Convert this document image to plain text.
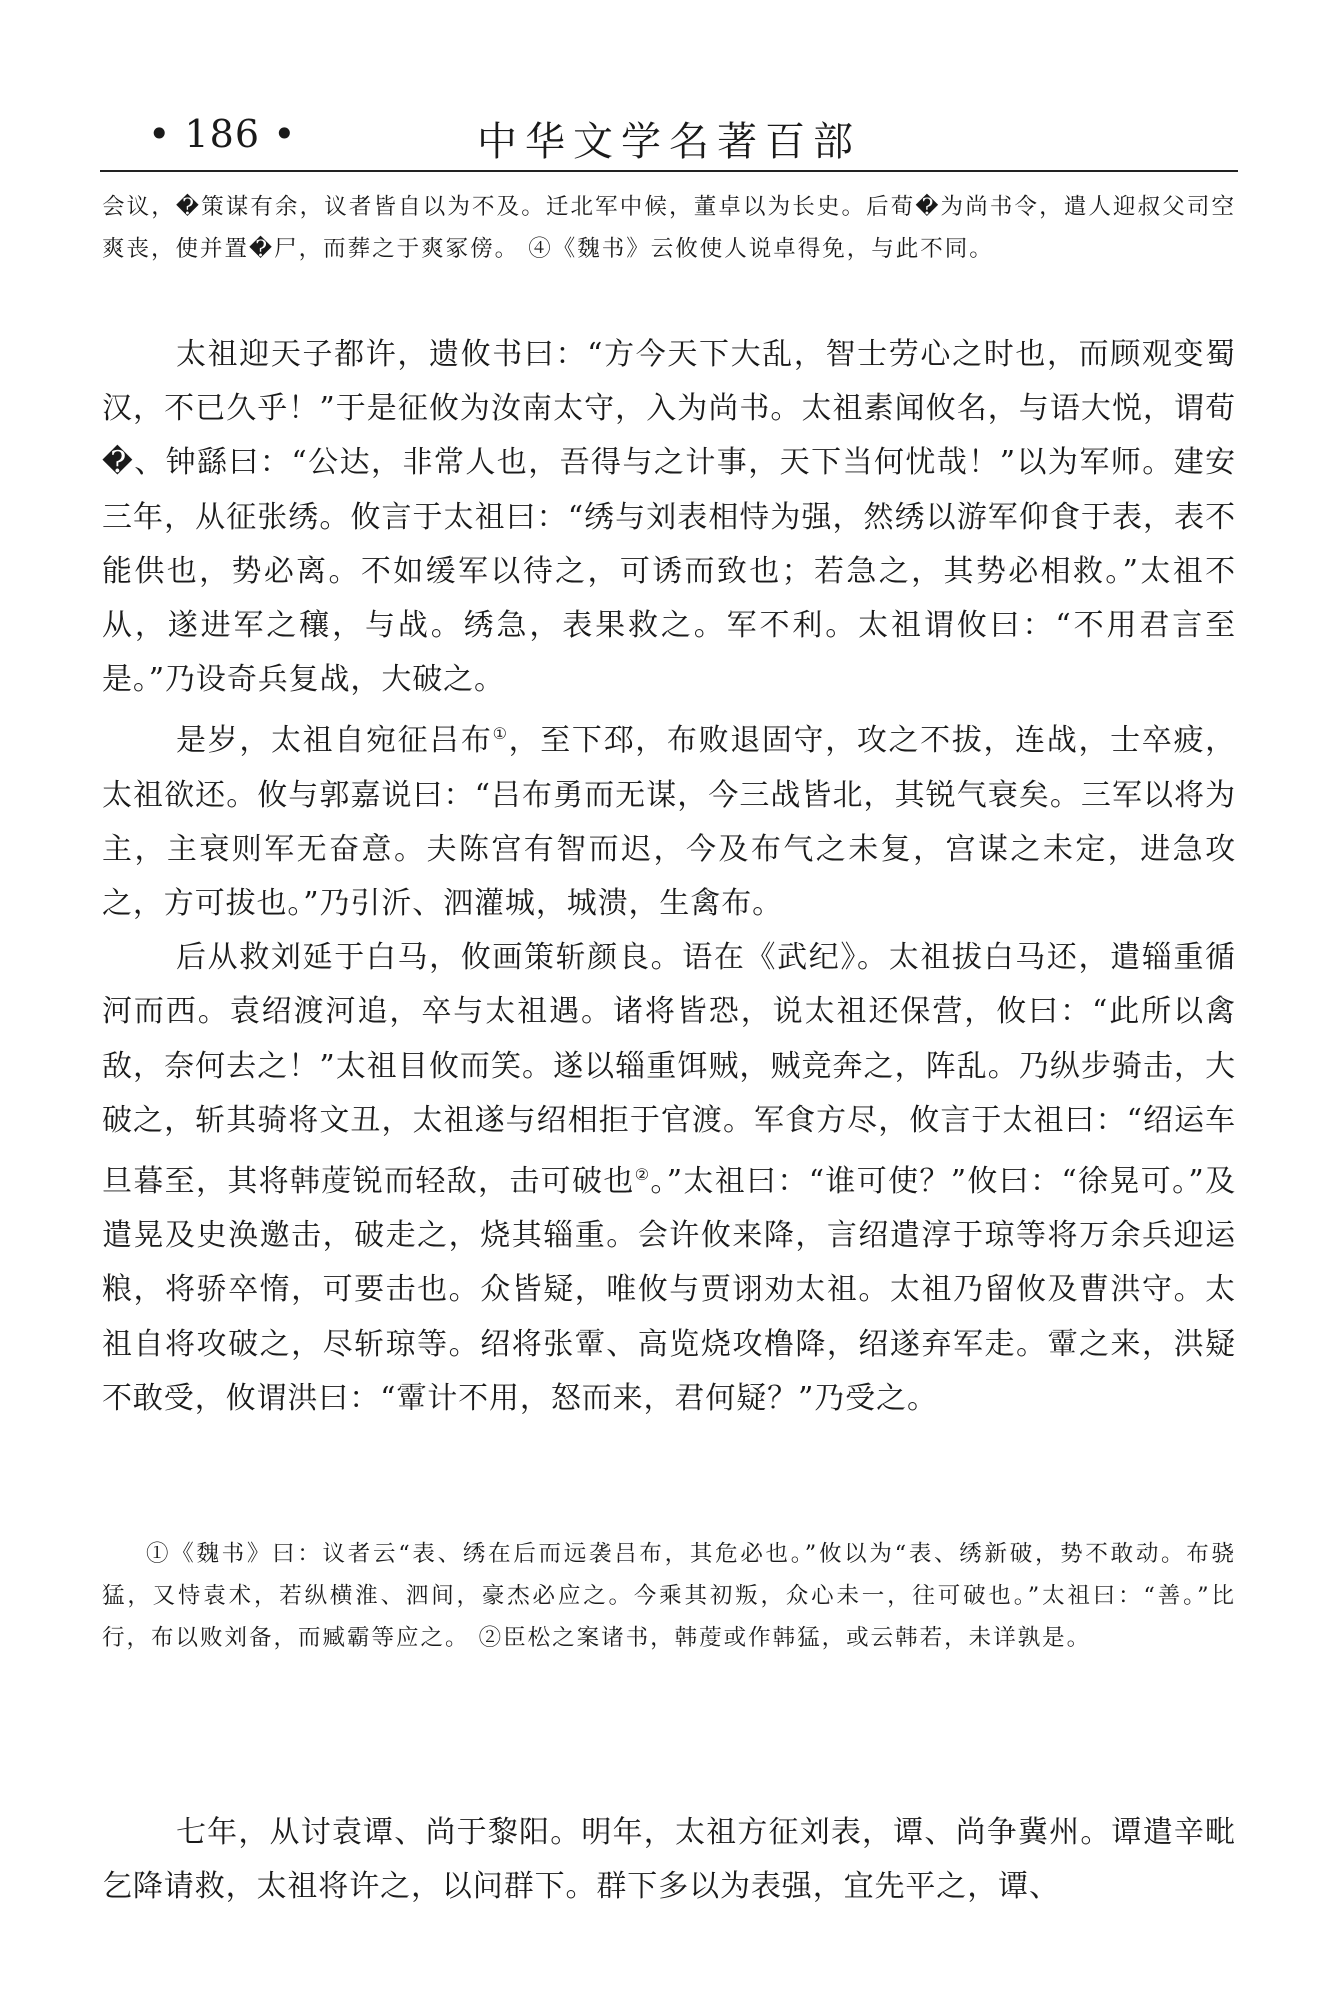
• 186 •	中华文学名著百部

会议，�策谋有余，议者皆自以为不及。迁北军中候，董卓以为长史。后荀�为尚书令，遣人迎叔父司空爽丧，使并置�尸，而葬之于爽冢傍。 ④《魏书》云攸使人说卓得免，与此不同。

太祖迎天子都许，遗攸书曰：“方今天下大乱，智士劳心之时也，而顾观变蜀汉，不已久乎！”于是征攸为汝南太守，入为尚书。太祖素闻攸名，与语大悦，谓荀�、钟繇曰：“公达，非常人也，吾得与之计事，天下当何忧哉！”以为军师。建安三年，从征张绣。攸言于太祖曰：“绣与刘表相恃为强，然绣以游军仰食于表，表不能供也，势必离。不如缓军以待之，可诱而致也；若急之，其势必相救。”太祖不从，遂进军之穰，与战。绣急，表果救之。军不利。太祖谓攸曰：“不用君言至是。”乃设奇兵复战，大破之。

是岁，太祖自宛征吕布①，至下邳，布败退固守，攻之不拔，连战，士卒疲，太祖欲还。攸与郭嘉说曰：“吕布勇而无谋，今三战皆北，其锐气衰矣。三军以将为主，主衰则军无奋意。夫陈宫有智而迟，今及布气之未复，宫谋之未定，进急攻之，方可拔也。”乃引沂、泗灌城，城溃，生禽布。

后从救刘延于白马，攸画策斩颜良。语在《武纪》。太祖拔白马还，遣辎重循河而西。袁绍渡河追，卒与太祖遇。诸将皆恐，说太祖还保营，攸曰：“此所以禽敌，奈何去之！”太祖目攸而笑。遂以辎重饵贼，贼竞奔之，阵乱。乃纵步骑击，大破之，斩其骑将文丑，太祖遂与绍相拒于官渡。军食方尽，攸言于太祖曰：“绍运车旦暮至，其将韩𦳔锐而轻敌，击可破也②。”太祖曰：“谁可使？”攸曰：“徐晃可。”及遣晃及史涣邀击，破走之，烧其辎重。会许攸来降，言绍遣淳于琼等将万余兵迎运粮，将骄卒惰，可要击也。众皆疑，唯攸与贾诩劝太祖。太祖乃留攸及曹洪守。太祖自将攻破之，尽斩琼等。绍将张𩅦、高览烧攻橹降，绍遂弃军走。𩅦之来，洪疑不敢受，攸谓洪曰：“𩅦计不用，怒而来，君何疑？”乃受之。

①《魏书》曰：议者云“表、绣在后而远袭吕布，其危必也。”攸以为“表、绣新破，势不敢动。布骁猛，又恃袁术，若纵横淮、泗间，豪杰必应之。今乘其初叛，众心未一，往可破也。”太祖曰：“善。”比行，布以败刘备，而臧霸等应之。 ②臣松之案诸书，韩𦳔或作韩猛，或云韩若，未详孰是。

七年，从讨袁谭、尚于黎阳。明年，太祖方征刘表，谭、尚争冀州。谭遣辛毗乞降请救，太祖将许之，以问群下。群下多以为表强，宜先平之，谭、
